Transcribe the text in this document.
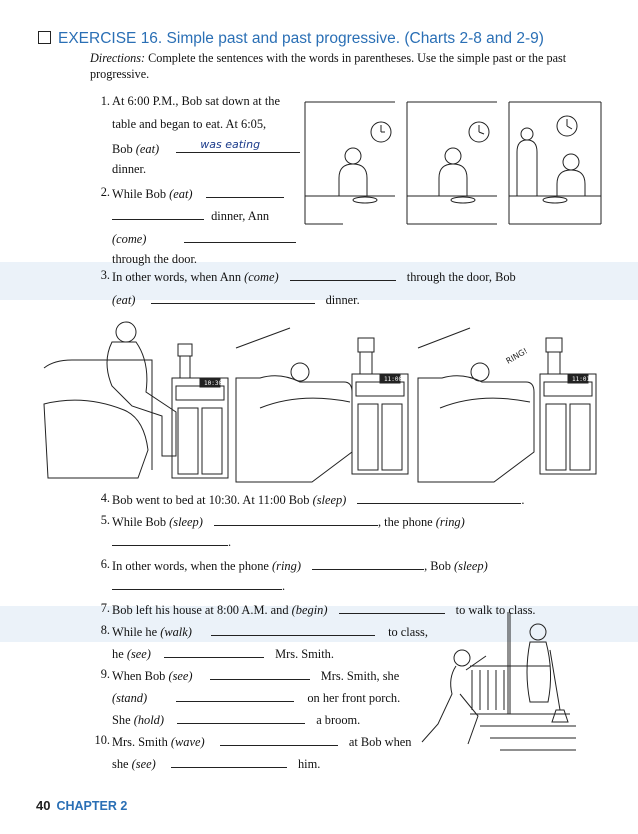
EXERCISE 16. Simple past and past progressive. (Charts 2-8 and 2-9)
Directions: Complete the sentences with the words in parentheses. Use the simple past or the past progressive.
1. At 6:00 P.M., Bob sat down at the
table and began to eat. At 6:05,
Bob (eat)	was eating
dinner.
2. While Bob (eat)
dinner, Ann
(come)
through the door.
3. In other words, when Ann (come)	through the door, Bob
(eat)	dinner.
10:30
11:00	11:01
RING!
4. Bob went to bed at 10:30. At 11:00 Bob (sleep)	.
5. While Bob (sleep)	, the phone (ring)
.
6. In other words, when the phone (ring)	, Bob (sleep)
.
7. Bob left his house at 8:00 A.M. and (begin)	to walk to class.
8. While he (walk)	to class,
he (see)	Mrs. Smith.
9. When Bob (see)	Mrs. Smith, she
(stand)	on her front porch.
She (hold)	a broom.
10. Mrs. Smith (wave)	at Bob when
she (see)	him.
40 CHAPTER 2
